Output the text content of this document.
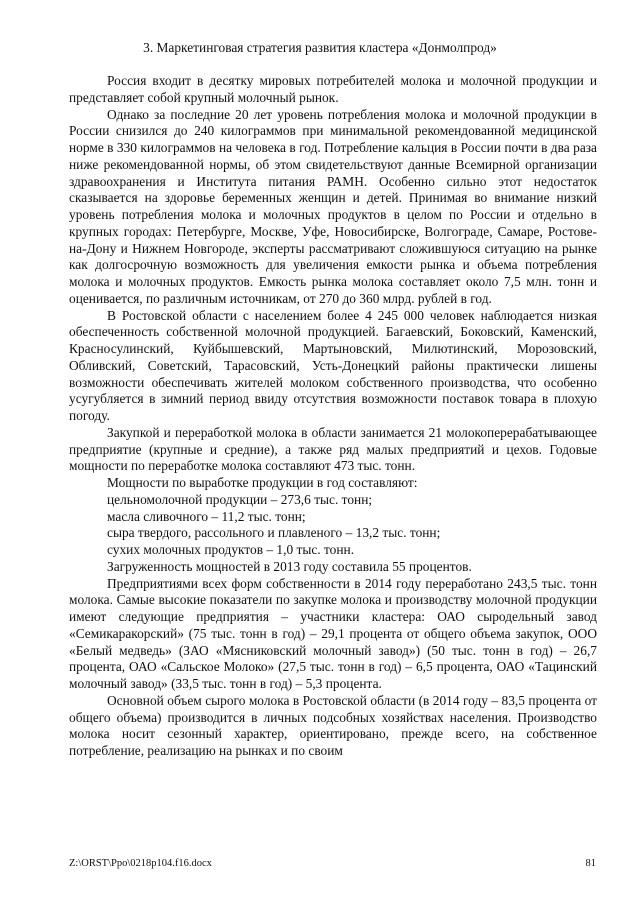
3. Маркетинговая стратегия развития кластера «Донмолпрод»

Россия входит в десятку мировых потребителей молока и молочной продукции и представляет собой крупный молочный рынок.

Однако за последние 20 лет уровень потребления молока и молочной продукции в России снизился до 240 килограммов при минимальной рекомендованной медицинской норме в 330 килограммов на человека в год. Потребление кальция в России почти в два раза ниже рекомендованной нормы, об этом свидетельствуют данные Всемирной организации здравоохранения и Института питания РАМН. Особенно сильно этот недостаток сказывается на здоровье беременных женщин и детей. Принимая во внимание низкий уровень потребления молока и молочных продуктов в целом по России и отдельно в крупных городах: Петербурге, Москве, Уфе, Новосибирске, Волгограде, Самаре, Ростове-на-Дону и Нижнем Новгороде, эксперты рассматривают сложившуюся ситуацию на рынке как долгосрочную возможность для увеличения емкости рынка и объема потребления молока и молочных продуктов. Емкость рынка молока составляет около 7,5 млн. тонн и оценивается, по различным источникам, от 270 до 360 млрд. рублей в год.

В Ростовской области с населением более 4 245 000 человек наблюдается низкая обеспеченность собственной молочной продукцией. Багаевский, Боковский, Каменский, Красносулинский, Куйбышевский, Мартыновский, Милютинский, Морозовский, Обливский, Советский, Тарасовский, Усть-Донецкий районы практически лишены возможности обеспечивать жителей молоком собственного производства, что особенно усугубляется в зимний период ввиду отсутствия возможности поставок товара в плохую погоду.

Закупкой и переработкой молока в области занимается 21 молокоперерабатывающее предприятие (крупные и средние), а также ряд малых предприятий и цехов. Годовые мощности по переработке молока составляют 473 тыс. тонн.

Мощности по выработке продукции в год составляют:

цельномолочной продукции – 273,6 тыс. тонн;

масла сливочного – 11,2 тыс. тонн;

сыра твердого, рассольного и плавленого – 13,2 тыс. тонн;

сухих молочных продуктов – 1,0 тыс. тонн.

Загруженность мощностей в 2013 году составила 55 процентов.

Предприятиями всех форм собственности в 2014 году переработано 243,5 тыс. тонн молока. Самые высокие показатели по закупке молока и производству молочной продукции имеют следующие предприятия – участники кластера: ОАО сыродельный завод «Семикаракорский» (75 тыс. тонн в год) – 29,1 процента от общего объема закупок, ООО «Белый медведь» (ЗАО «Мясниковский молочный завод») (50 тыс. тонн в год) – 26,7 процента, ОАО «Сальское Молоко» (27,5 тыс. тонн в год) – 6,5 процента, ОАО «Тацинский молочный завод» (33,5 тыс. тонн в год) – 5,3 процента.

Основной объем сырого молока в Ростовской области (в 2014 году – 83,5 процента от общего объема) производится в личных подсобных хозяйствах населения. Производство молока носит сезонный характер, ориентировано, прежде всего, на собственное потребление, реализацию на рынках и по своим

Z:\ORST\Ppo\0218p104.f16.docx	81
